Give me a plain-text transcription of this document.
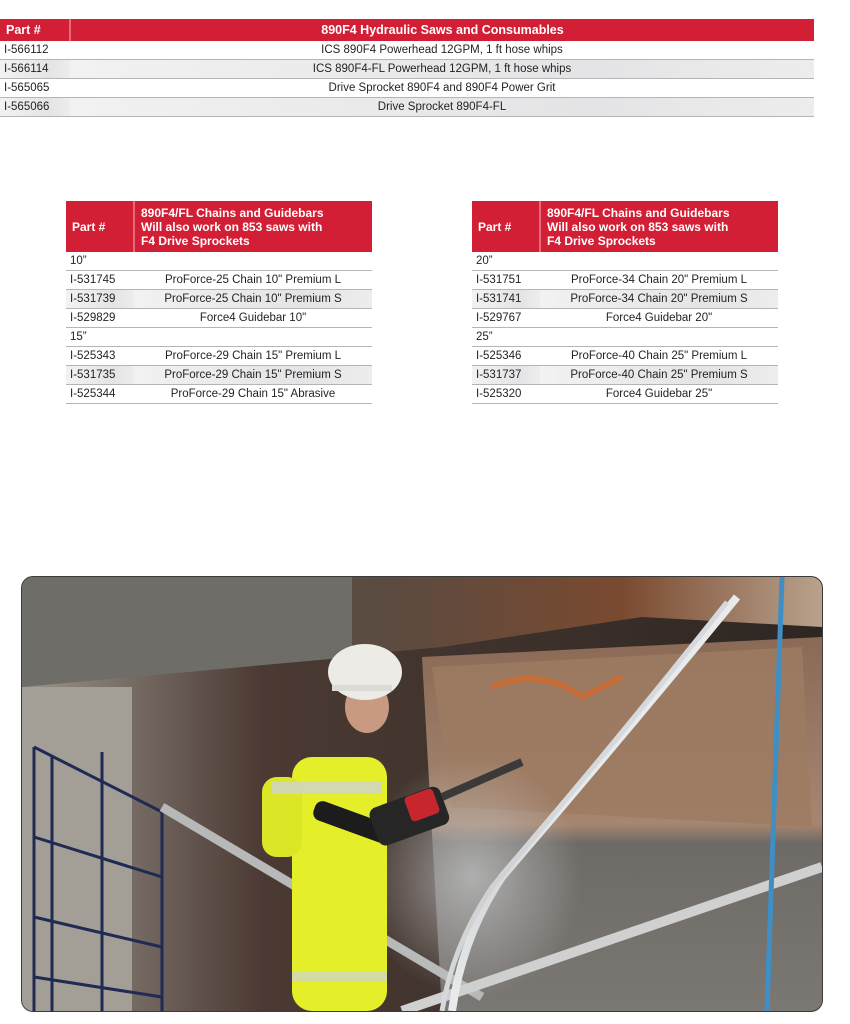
Part #	890F4 Hydraulic Saws and Consumables
I-566112	ICS 890F4 Powerhead 12GPM, 1 ft hose whips
I-566114	ICS 890F4-FL Powerhead 12GPM, 1 ft hose whips
I-565065	Drive Sprocket 890F4 and 890F4 Power Grit
I-565066	Drive Sprocket 890F4-FL
Part #	890F4/FL Chains and Guidebars
Will also work on 853 saws with
F4 Drive Sprockets

10”	
I-531745	ProForce-25 Chain 10" Premium L
I-531739	ProForce-25 Chain 10" Premium S
I-529829	Force4 Guidebar 10"
15”	
I-525343	ProForce-29 Chain 15" Premium L
I-531735	ProForce-29 Chain 15" Premium S
I-525344	ProForce-29 Chain 15" Abrasive
Part #	890F4/FL Chains and Guidebars
Will also work on 853 saws with
F4 Drive Sprockets

20”	
I-531751	ProForce-34 Chain 20" Premium L
I-531741	ProForce-34 Chain 20" Premium S
I-529767	Force4 Guidebar 20"
25”	
I-525346	ProForce-40 Chain 25" Premium L
I-531737	ProForce-40 Chain 25" Premium S
I-525320	Force4 Guidebar 25"
